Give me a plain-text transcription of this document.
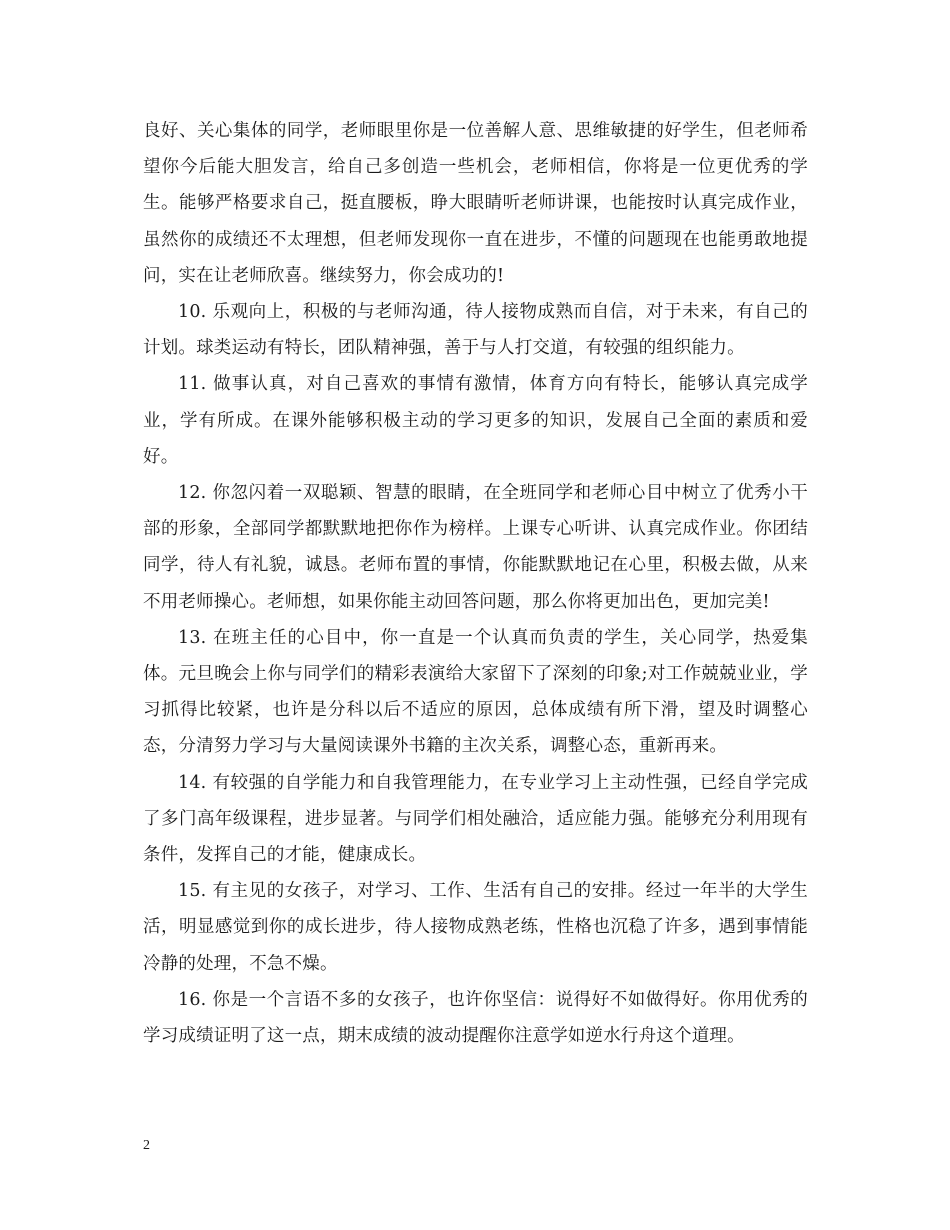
良好、关心集体的同学，老师眼里你是一位善解人意、思维敏捷的好学生，但老师希望你今后能大胆发言，给自己多创造一些机会，老师相信，你将是一位更优秀的学生。能够严格要求自己，挺直腰板，睁大眼睛听老师讲课，也能按时认真完成作业，虽然你的成绩还不太理想，但老师发现你一直在进步，不懂的问题现在也能勇敢地提问，实在让老师欣喜。继续努力，你会成功的!

10. 乐观向上，积极的与老师沟通，待人接物成熟而自信，对于未来，有自己的计划。球类运动有特长，团队精神强，善于与人打交道，有较强的组织能力。

11. 做事认真，对自己喜欢的事情有激情，体育方向有特长，能够认真完成学业，学有所成。在课外能够积极主动的学习更多的知识，发展自己全面的素质和爱好。

12. 你忽闪着一双聪颖、智慧的眼睛，在全班同学和老师心目中树立了优秀小干部的形象，全部同学都默默地把你作为榜样。上课专心听讲、认真完成作业。你团结同学，待人有礼貌，诚恳。老师布置的事情，你能默默地记在心里，积极去做，从来不用老师操心。老师想，如果你能主动回答问题，那么你将更加出色，更加完美!

13. 在班主任的心目中，你一直是一个认真而负责的学生，关心同学，热爱集体。元旦晚会上你与同学们的精彩表演给大家留下了深刻的印象;对工作兢兢业业，学习抓得比较紧，也许是分科以后不适应的原因，总体成绩有所下滑，望及时调整心态，分清努力学习与大量阅读课外书籍的主次关系，调整心态，重新再来。

14. 有较强的自学能力和自我管理能力，在专业学习上主动性强，已经自学完成了多门高年级课程，进步显著。与同学们相处融洽，适应能力强。能够充分利用现有条件，发挥自己的才能，健康成长。

15. 有主见的女孩子，对学习、工作、生活有自己的安排。经过一年半的大学生活，明显感觉到你的成长进步，待人接物成熟老练，性格也沉稳了许多，遇到事情能冷静的处理，不急不燥。

16. 你是一个言语不多的女孩子，也许你坚信：说得好不如做得好。你用优秀的学习成绩证明了这一点，期末成绩的波动提醒你注意学如逆水行舟这个道理。

2
